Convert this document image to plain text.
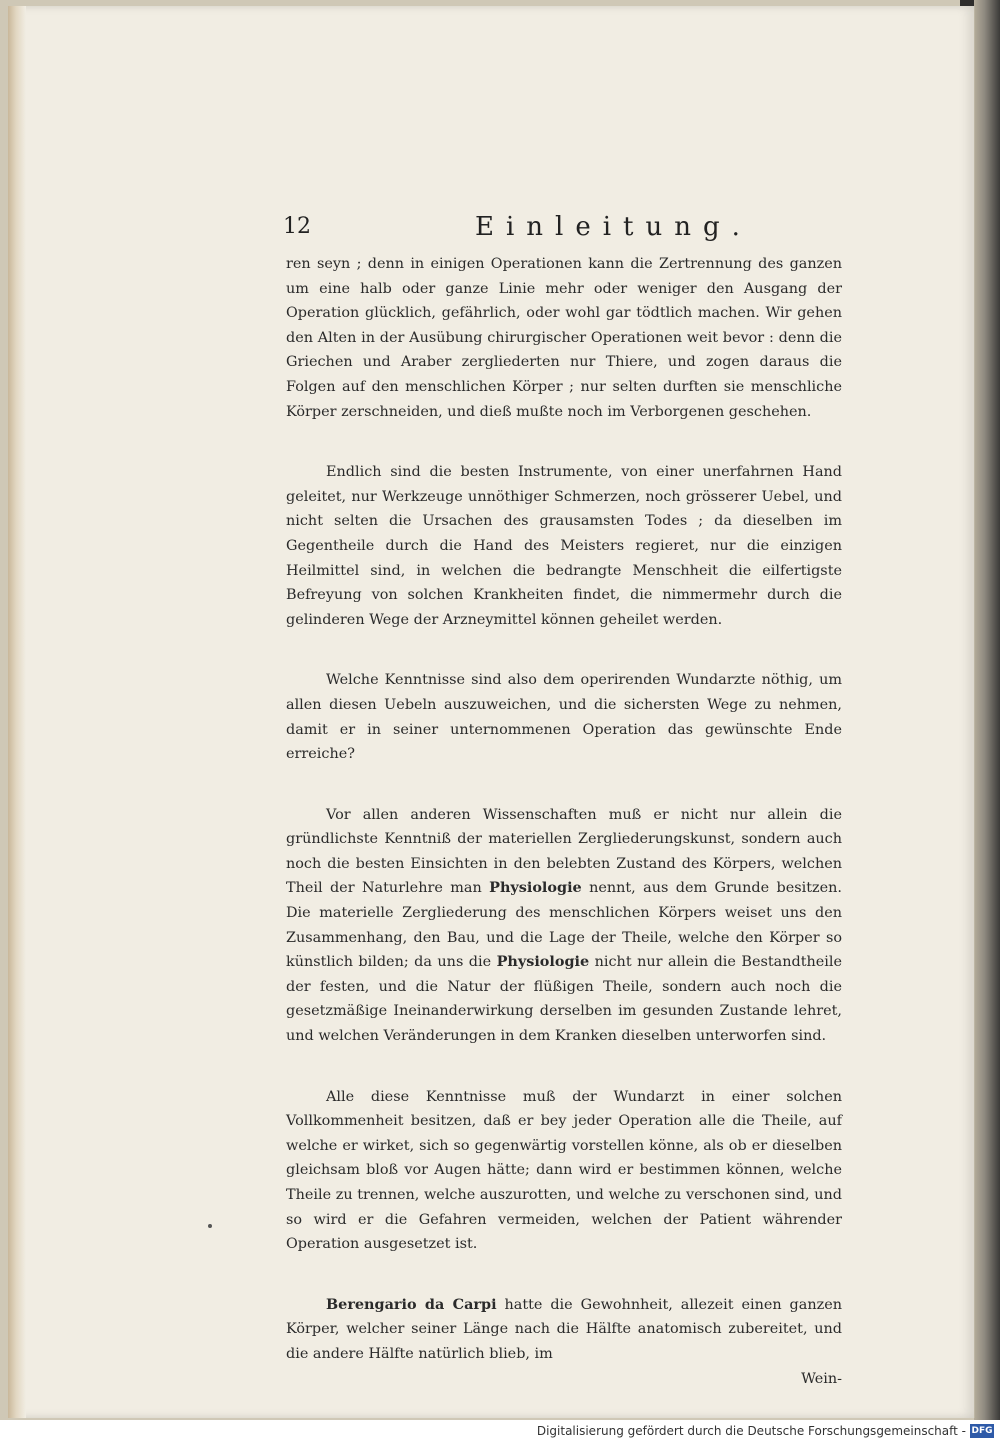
12	Einleitung.

ren seyn ; denn in einigen Operationen kann die Zertrennung des ganzen um eine halb oder ganze Linie mehr oder weniger den Ausgang der Operation glücklich, gefährlich, oder wohl gar tödtlich machen. Wir gehen den Alten in der Ausübung chirurgischer Operationen weit bevor : denn die Griechen und Araber zergliederten nur Thiere, und zogen daraus die Folgen auf den menschlichen Körper ; nur selten durften sie menschliche Körper zerschneiden, und dieß mußte noch im Verborgenen geschehen.

Endlich sind die besten Instrumente, von einer unerfahrnen Hand geleitet, nur Werkzeuge unnöthiger Schmerzen, noch grösserer Uebel, und nicht selten die Ursachen des grausamsten Todes ; da dieselben im Gegentheile durch die Hand des Meisters regieret, nur die einzigen Heilmittel sind, in welchen die bedrangte Menschheit die eilfertigste Befreyung von solchen Krankheiten findet, die nimmermehr durch die gelinderen Wege der Arzneymittel können geheilet werden.

Welche Kenntnisse sind also dem operirenden Wundarzte nöthig, um allen diesen Uebeln auszuweichen, und die sichersten Wege zu nehmen, damit er in seiner unternommenen Operation das gewünschte Ende erreiche?

Vor allen anderen Wissenschaften muß er nicht nur allein die gründlichste Kenntniß der materiellen Zergliederungskunst, sondern auch noch die besten Einsichten in den belebten Zustand des Körpers, welchen Theil der Naturlehre man Physiologie nennt, aus dem Grunde besitzen. Die materielle Zergliederung des menschlichen Körpers weiset uns den Zusammenhang, den Bau, und die Lage der Theile, welche den Körper so künstlich bilden; da uns die Physiologie nicht nur allein die Bestandtheile der festen, und die Natur der flüßigen Theile, sondern auch noch die gesetzmäßige Ineinanderwirkung derselben im gesunden Zustande lehret, und welchen Veränderungen in dem Kranken dieselben unterworfen sind.

Alle diese Kenntnisse muß der Wundarzt in einer solchen Vollkommenheit besitzen, daß er bey jeder Operation alle die Theile, auf welche er wirket, sich so gegenwärtig vorstellen könne, als ob er dieselben gleichsam bloß vor Augen hätte; dann wird er bestimmen können, welche Theile zu trennen, welche auszurotten, und welche zu verschonen sind, und so wird er die Gefahren vermeiden, welchen der Patient währender Operation ausgesetzet ist.

Berengario da Carpi hatte die Gewohnheit, allezeit einen ganzen Körper, welcher seiner Länge nach die Hälfte anatomisch zubereitet, und die andere Hälfte natürlich blieb, im

Wein-
Digitalisierung gefördert durch die Deutsche Forschungsgemeinschaft - DFG
